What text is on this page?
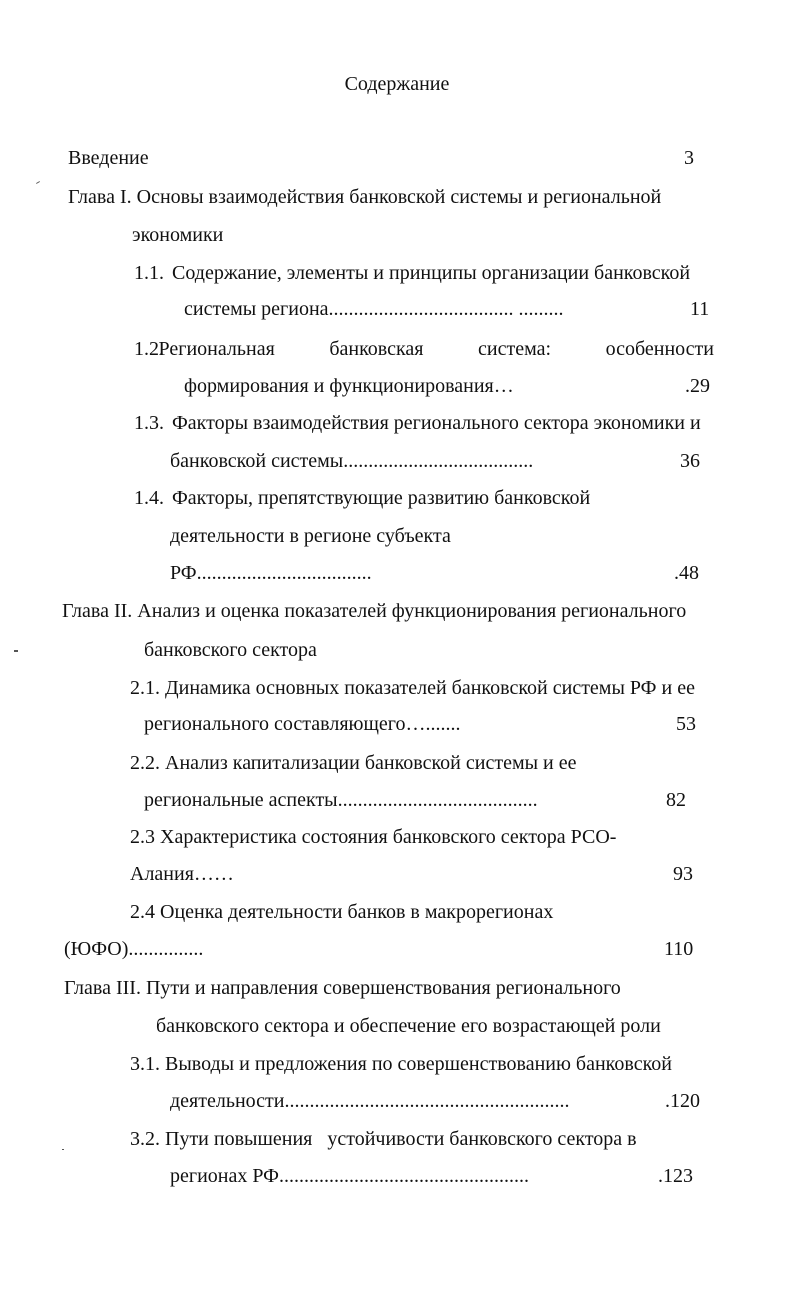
Содержание
Введение	3
Глава I. Основы взаимодействия банковской системы и региональной
экономики
1.1. Содержание, элементы и принципы организации банковской
системы региона..................................... .........	11
1.2.
Региональная	банковская	система:	особенности
формирования и функционирования…	.29
1.3. Факторы взаимодействия регионального сектора экономики и
банковской системы......................................	36
1.4. Факторы, препятствующие развитию банковской
деятельности в регионе субъекта
РФ...................................	.48
Глава II. Анализ и оценка показателей функционирования регионального
банковского сектора
2.1. Динамика основных показателей банковской системы РФ и ее
регионального составляющего….......	53
2.2. Анализ капитализации банковской системы и ее
региональные аспекты........................................	82
2.3 Характеристика состояния банковского сектора РСО-
Алания……	93
2.4 Оценка деятельности банков в макрорегионах
(ЮФО)...............	110
Глава III. Пути и направления совершенствования регионального
банковского сектора и обеспечение его возрастающей роли
3.1. Выводы и предложения по совершенствованию банковской
деятельности.........................................................	.120
3.2. Пути повышения   устойчивости банковского сектора в
регионах РФ..................................................	.123
